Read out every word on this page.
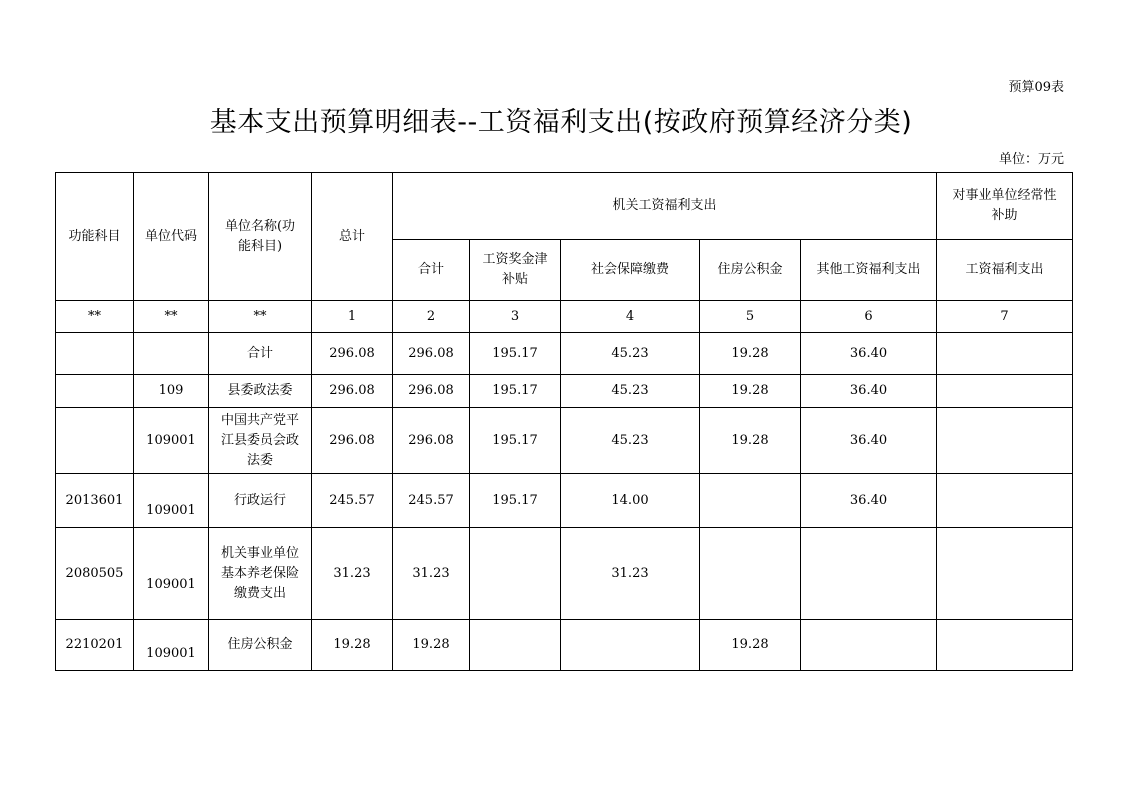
预算09表
基本支出预算明细表--工资福利支出(按政府预算经济分类)
单位：万元
功能科目	单位代码	单位名称(功能科目)	总计	机关工资福利支出					对事业单位经常性补助
				合计	工资奖金津补贴	社会保障缴费	住房公积金	其他工资福利支出	工资福利支出
**	**	**	1	2	3	4	5	6	7
		合计	296.08	296.08	195.17	45.23	19.28	36.40	
	109	县委政法委	296.08	296.08	195.17	45.23	19.28	36.40	
	109001	中国共产党平江县委员会政法委	296.08	296.08	195.17	45.23	19.28	36.40	
2013601	109001	行政运行	245.57	245.57	195.17	14.00		36.40	
2080505	109001	机关事业单位基本养老保险缴费支出	31.23	31.23		31.23			
2210201	109001	住房公积金	19.28	19.28			19.28		
